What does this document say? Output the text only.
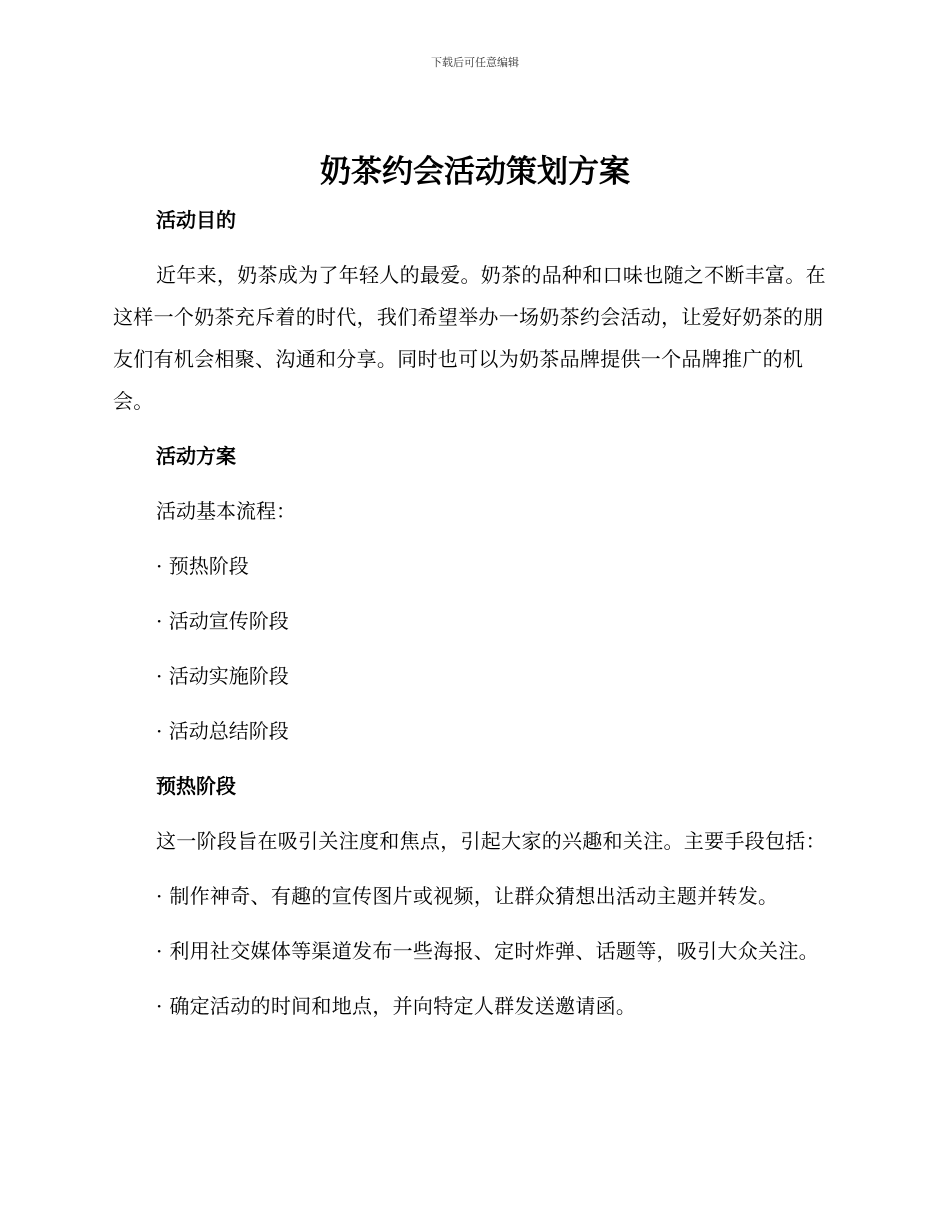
下载后可任意编辑
奶茶约会活动策划方案
活动目的

近年来，奶茶成为了年轻人的最爱。奶茶的品种和口味也随之不断丰富。在这样一个奶茶充斥着的时代，我们希望举办一场奶茶约会活动，让爱好奶茶的朋友们有机会相聚、沟通和分享。同时也可以为奶茶品牌提供一个品牌推广的机会。

活动方案

活动基本流程：

· 预热阶段

· 活动宣传阶段

· 活动实施阶段

· 活动总结阶段

预热阶段

这一阶段旨在吸引关注度和焦点，引起大家的兴趣和关注。主要手段包括：

· 制作神奇、有趣的宣传图片或视频，让群众猜想出活动主题并转发。

· 利用社交媒体等渠道发布一些海报、定时炸弹、话题等，吸引大众关注。

· 确定活动的时间和地点，并向特定人群发送邀请函。
